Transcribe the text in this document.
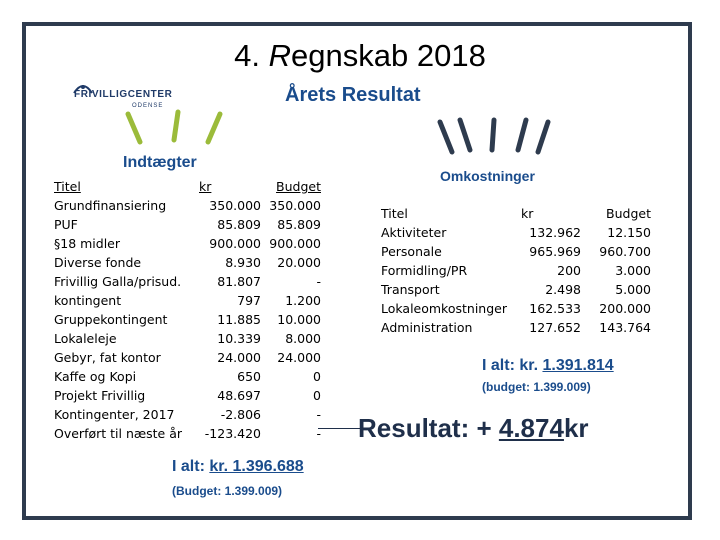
FRIVILLIGCENTER
ODENSE
4. Regnskab 2018
Årets Resultat
Indtægter
Omkostninger
Titel	kr	Budget
Grundfinansiering	350.000	350.000
PUF	85.809	85.809
§18 midler	900.000	900.000
Diverse fonde	8.930	20.000
Frivillig Galla/prisud.	81.807	-
kontingent	797	1.200
Gruppekontingent	11.885	10.000
Lokaleleje	10.339	8.000
Gebyr, fat kontor	24.000	24.000
Kaffe og Kopi	650	0
Projekt Frivillig	48.697	0
Kontingenter, 2017	-2.806	-
Overført til næste år	-123.420	-
Titel	kr	Budget
Aktiviteter	132.962	12.150
Personale	965.969	960.700
Formidling/PR	200	3.000
Transport	2.498	5.000
Lokaleomkostninger	162.533	200.000
Administration	127.652	143.764
I alt: kr. 1.391.814
(budget: 1.399.009)
Resultat: + 4.874kr
I alt: kr. 1.396.688
(Budget: 1.399.009)
